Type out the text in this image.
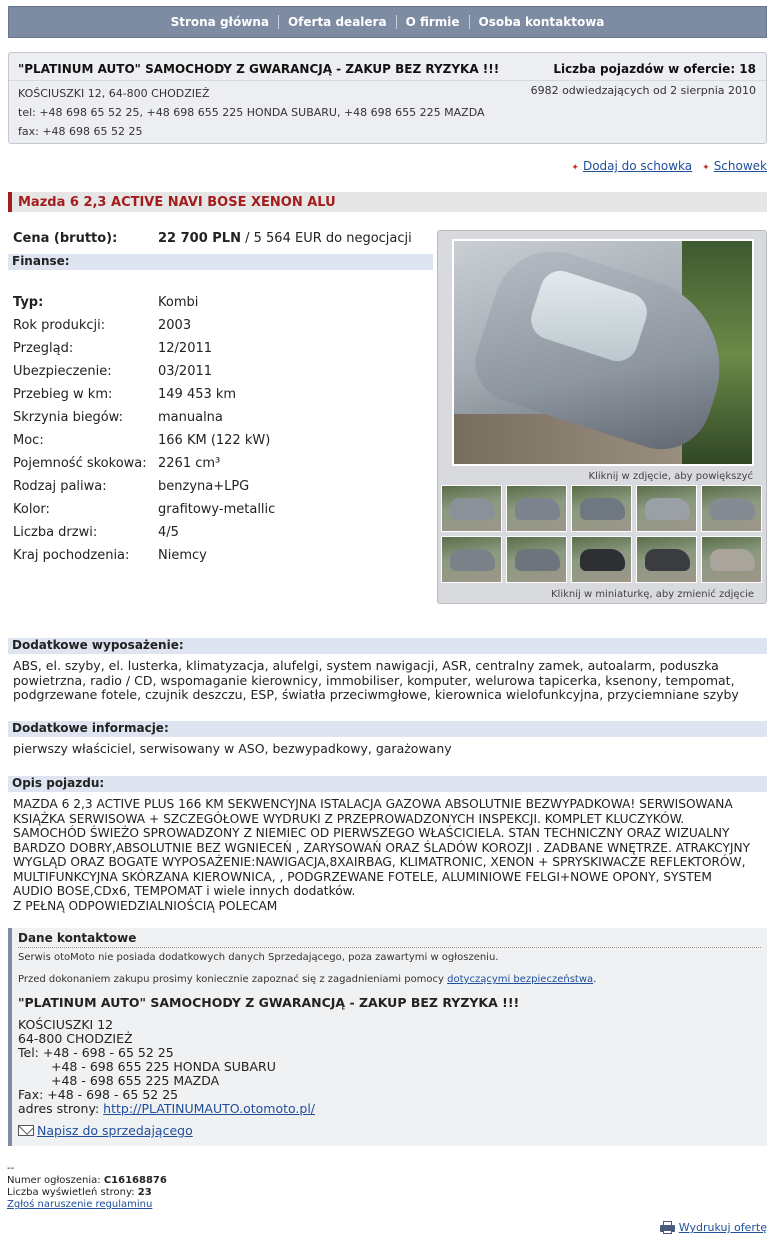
Strona główna	Oferta dealera	O firmie	Osoba kontaktowa
"PLATINUM AUTO" SAMOCHODY Z GWARANCJĄ - ZAKUP BEZ RYZYKA !!!	Liczba pojazdów w ofercie: 18
KOŚCIUSZKI 12, 64-800 CHODZIEŻ
tel: +48 698 65 52 25, +48 698 655 225 HONDA SUBARU, +48 698 655 225 MAZDA
fax: +48 698 65 52 25
6982 odwiedzających od 2 sierpnia 2010
✦ Dodaj do schowka ✦ Schowek
Mazda 6 2,3 ACTIVE NAVI BOSE XENON ALU
Cena (brutto):	22 700 PLN / 5 564 EUR do negocjacji
Finanse:
Typ:	Kombi
Rok produkcji:	2003
Przegląd:	12/2011
Ubezpieczenie:	03/2011
Przebieg w km:	149 453 km
Skrzynia biegów:	manualna
Moc:	166 KM (122 kW)
Pojemność skokowa: 2261 cm³
Rodzaj paliwa:	benzyna+LPG
Kolor:	grafitowy-metallic
Liczba drzwi:	4/5
Kraj pochodzenia: Niemcy
Kliknij w zdjęcie, aby powiększyć
Kliknij w miniaturkę, aby zmienić zdjęcie
Dodatkowe wyposażenie:
ABS, el. szyby, el. lusterka, klimatyzacja, alufelgi, system nawigacji, ASR, centralny zamek, autoalarm, poduszka powietrzna, radio / CD, wspomaganie kierownicy, immobiliser, komputer, welurowa tapicerka, ksenony, tempomat, podgrzewane fotele, czujnik deszczu, ESP, światła przeciwmgłowe, kierownica wielofunkcyjna, przyciemniane szyby
Dodatkowe informacje:
pierwszy właściciel, serwisowany w ASO, bezwypadkowy, garażowany
Opis pojazdu:
MAZDA 6 2,3 ACTIVE PLUS 166 KM SEKWENCYJNA ISTALACJA GAZOWA ABSOLUTNIE BEZWYPADKOWA! SERWISOWANA
KSIĄŻKA SERWISOWA + SZCZEGÓŁOWE WYDRUKI Z PRZEPROWADZONYCH INSPEKCJI. KOMPLET KLUCZYKÓW.
SAMOCHÓD ŚWIEŻO SPROWADZONY Z NIEMIEC OD PIERWSZEGO WŁAŚCICIELA. STAN TECHNICZNY ORAZ WIZUALNY
BARDZO DOBRY,ABSOLUTNIE BEZ WGNIECEŃ , ZARYSOWAŃ ORAZ ŚLADÓW KOROZJI . ZADBANE WNĘTRZE. ATRAKCYJNY
WYGLĄD ORAZ BOGATE WYPOSAŻENIE:NAWIGACJA,8XAIRBAG, KLIMATRONIC, XENON + SPRYSKIWACZE REFLEKTORÓW,
MULTIFUNKCYJNA SKÓRZANA KIEROWNICA, , PODGRZEWANE FOTELE, ALUMINIOWE FELGI+NOWE OPONY, SYSTEM
AUDIO BOSE,CDx6, TEMPOMAT i wiele innych dodatków.
Z PEŁNĄ ODPOWIEDZIALNIOŚCIĄ POLECAM
Dane kontaktowe
Serwis otoMoto nie posiada dodatkowych danych Sprzedającego, poza zawartymi w ogłoszeniu.
Przed dokonaniem zakupu prosimy koniecznie zapoznać się z zagadnieniami pomocy dotyczącymi bezpieczeństwa.
"PLATINUM AUTO" SAMOCHODY Z GWARANCJĄ - ZAKUP BEZ RYZYKA !!!
KOŚCIUSZKI 12
64-800 CHODZIEŻ
Tel: +48 - 698 - 65 52 25
+48 - 698 655 225 HONDA SUBARU
+48 - 698 655 225 MAZDA
Fax: +48 - 698 - 65 52 25
adres strony: http://PLATINUMAUTO.otomoto.pl/
Napisz do sprzedającego
--
Numer ogłoszenia: C16168876
Liczba wyświetleń strony: 23
Zgłoś naruszenie regulaminu
Wydrukuj ofertę
